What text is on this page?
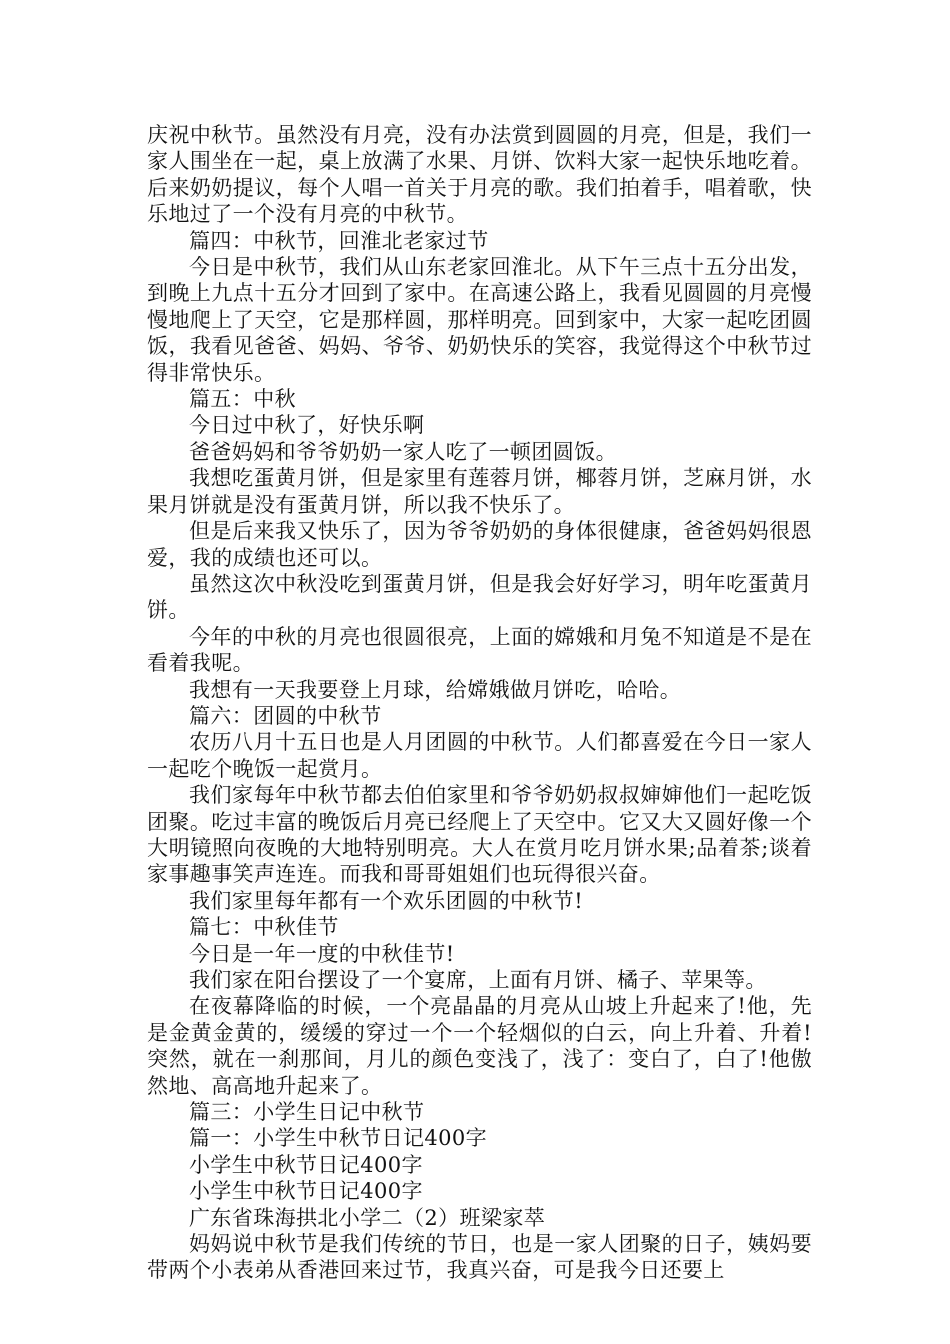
庆祝中秋节。虽然没有月亮，没有办法赏到圆圆的月亮，但是，我们一家人围坐在一起，桌上放满了水果、月饼、饮料大家一起快乐地吃着。后来奶奶提议，每个人唱一首关于月亮的歌。我们拍着手，唱着歌，快乐地过了一个没有月亮的中秋节。

篇四：中秋节，回淮北老家过节

今日是中秋节，我们从山东老家回淮北。从下午三点十五分出发，到晚上九点十五分才回到了家中。在高速公路上，我看见圆圆的月亮慢慢地爬上了天空，它是那样圆，那样明亮。回到家中，大家一起吃团圆饭，我看见爸爸、妈妈、爷爷、奶奶快乐的笑容，我觉得这个中秋节过得非常快乐。

篇五：中秋

今日过中秋了，好快乐啊

爸爸妈妈和爷爷奶奶一家人吃了一顿团圆饭。

我想吃蛋黄月饼，但是家里有莲蓉月饼，椰蓉月饼，芝麻月饼，水果月饼就是没有蛋黄月饼，所以我不快乐了。

但是后来我又快乐了，因为爷爷奶奶的身体很健康，爸爸妈妈很恩爱，我的成绩也还可以。

虽然这次中秋没吃到蛋黄月饼，但是我会好好学习，明年吃蛋黄月饼。

今年的中秋的月亮也很圆很亮，上面的嫦娥和月兔不知道是不是在看着我呢。

我想有一天我要登上月球，给嫦娥做月饼吃，哈哈。

篇六：团圆的中秋节

农历八月十五日也是人月团圆的中秋节。人们都喜爱在今日一家人一起吃个晚饭一起赏月。

我们家每年中秋节都去伯伯家里和爷爷奶奶叔叔婶婶他们一起吃饭团聚。吃过丰富的晚饭后月亮已经爬上了天空中。它又大又圆好像一个大明镜照向夜晚的大地特别明亮。大人在赏月吃月饼水果;品着茶;谈着家事趣事笑声连连。而我和哥哥姐姐们也玩得很兴奋。

我们家里每年都有一个欢乐团圆的中秋节!

篇七：中秋佳节

今日是一年一度的中秋佳节!

我们家在阳台摆设了一个宴席，上面有月饼、橘子、苹果等。

在夜幕降临的时候，一个亮晶晶的月亮从山坡上升起来了!他，先是金黄金黄的，缓缓的穿过一个一个轻烟似的白云，向上升着、升着!突然，就在一刹那间，月儿的颜色变浅了，浅了：变白了，白了!他傲然地、高高地升起来了。

篇三：小学生日记中秋节

篇一：小学生中秋节日记400字

小学生中秋节日记400字

小学生中秋节日记400字

广东省珠海拱北小学二（2）班梁家萃

妈妈说中秋节是我们传统的节日，也是一家人团聚的日子，姨妈要带两个小表弟从香港回来过节，我真兴奋，可是我今日还要上
